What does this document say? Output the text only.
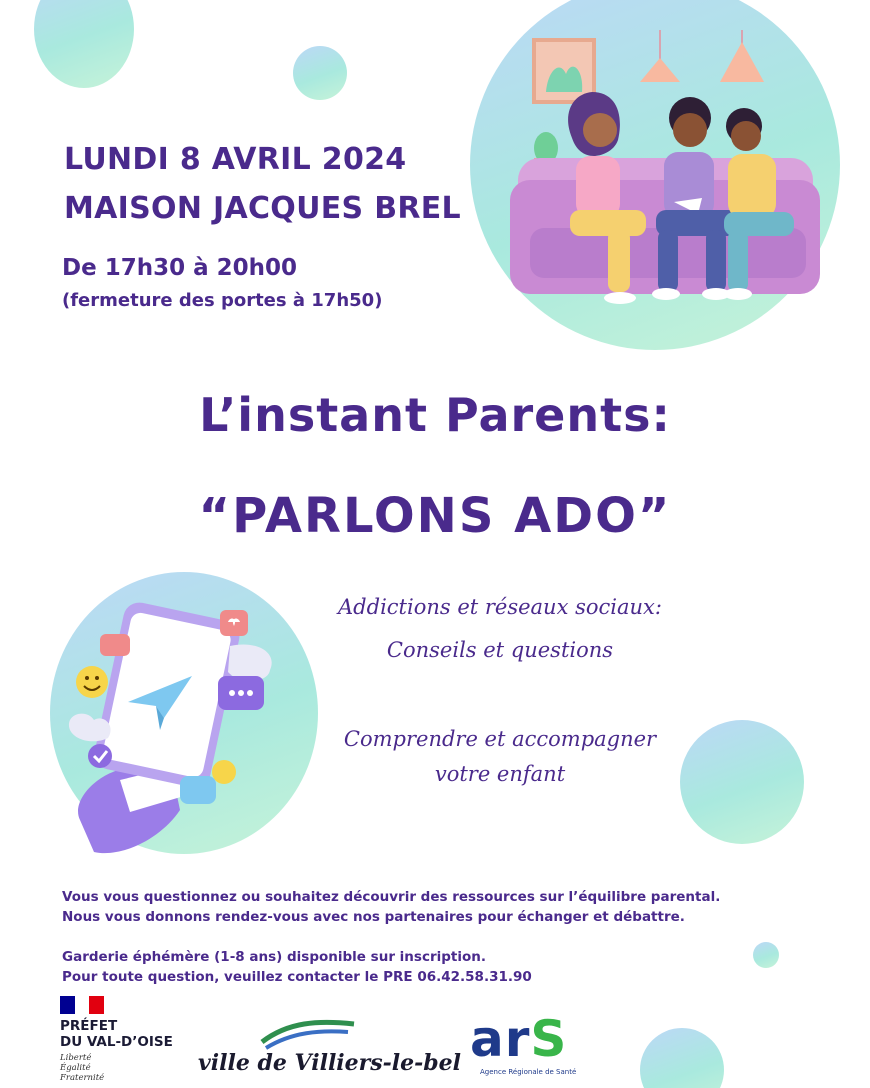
LUNDI 8 AVRIL 2024
MAISON JACQUES BREL
De 17h30 à 20h00
(fermeture des portes à 17h50)
L’instant Parents:
“PARLONS ADO”
Addictions et réseaux sociaux:
Conseils et questions
Comprendre et accompagner
votre enfant
Vous vous questionnez ou souhaitez découvrir des ressources sur l’équilibre parental.
Nous vous donnons rendez-vous avec nos partenaires pour échanger et débattre.
Garderie éphémère (1-8 ans) disponible sur inscription.
Pour toute question, veuillez contacter le PRE 06.42.58.31.90
PRÉFET
DU VAL-D’OISE
Liberté
Égalité
Fraternité
ville de Villiers-le-bel arS
Agence Régionale de Santé
